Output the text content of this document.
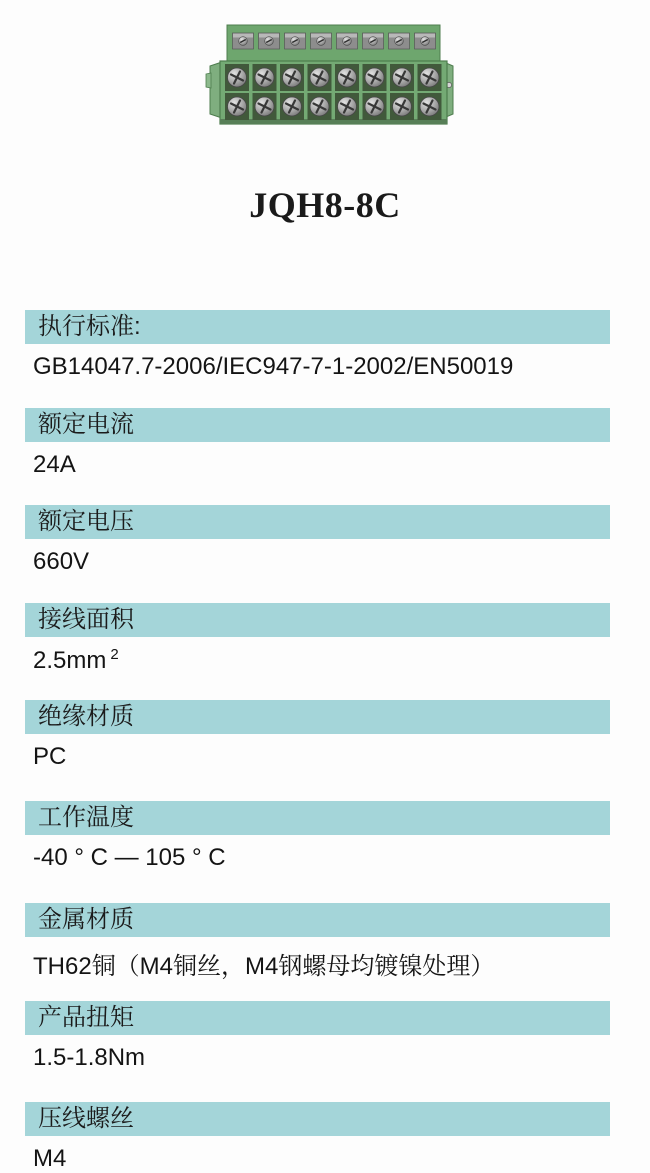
JQH8-8C
执行标准:
GB14047.7-2006/IEC947-7-1-2002/EN50019
额定电流
24A
额定电压
660V
接线面积
2.5mm $^2$
绝缘材质
PC
工作温度
-40 ° C — 105 ° C
金属材质
TH62铜（M4铜丝，M4钢螺母均镀镍处理）
产品扭矩
1.5-1.8Nm
压线螺丝
M4
